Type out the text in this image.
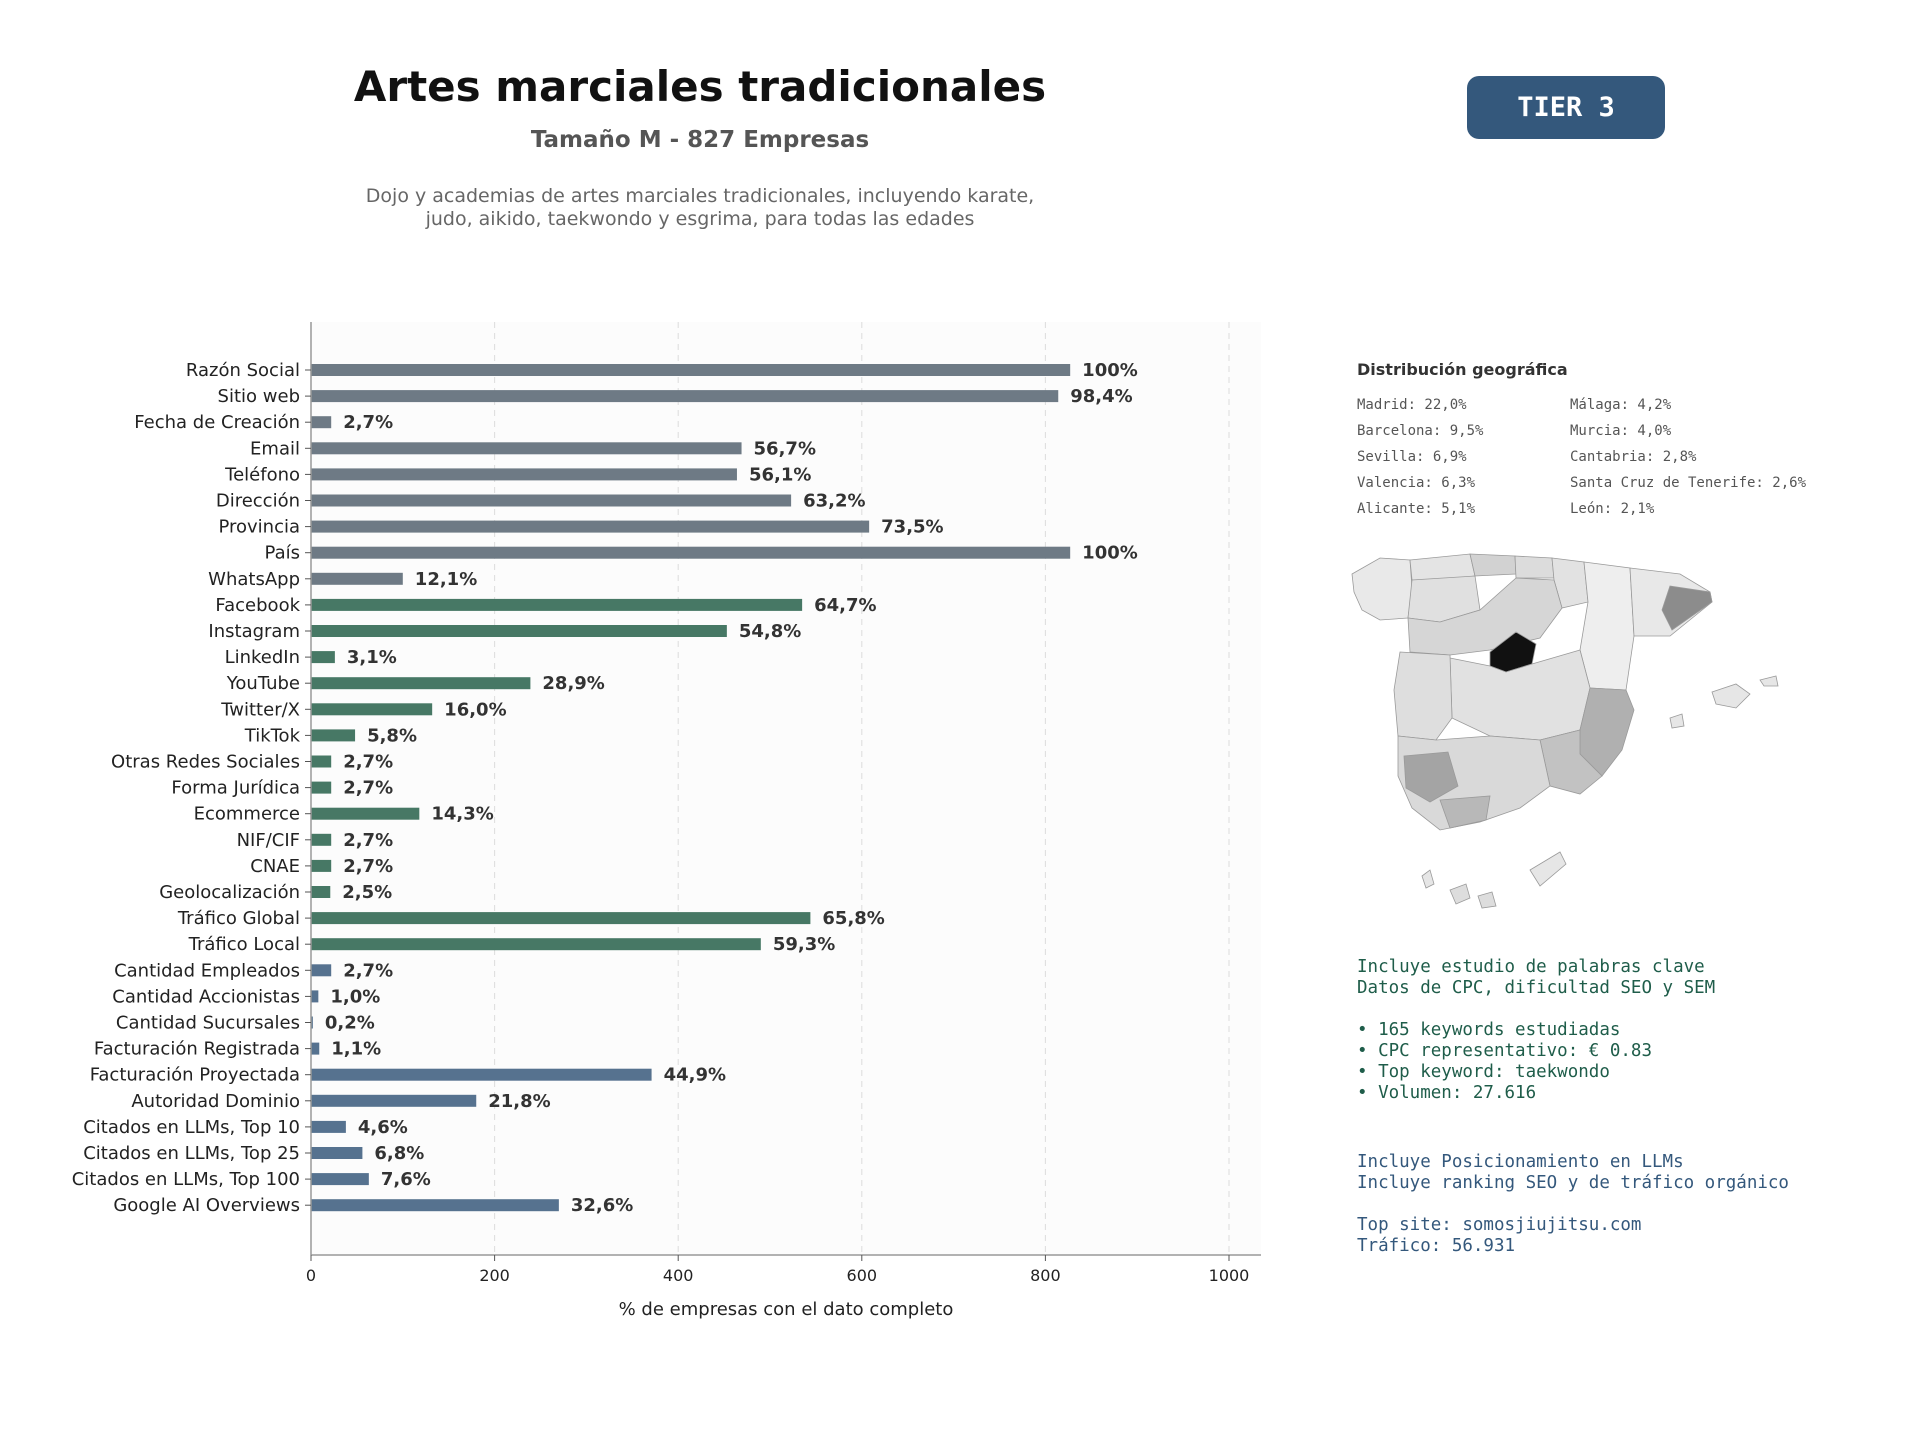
Artes marciales tradicionales
Tamaño M - 827 Empresas
Dojo y academias de artes marciales tradicionales, incluyendo karate,
judo, aikido, taekwondo y esgrima, para todas las edades
TIER 3
Razón Social	100%
Sitio web	98,4%
Fecha de Creación 2,7%
Email	56,7%
Teléfono	56,1%
Dirección	63,2%
Provincia	73,5%
País	100%
WhatsApp	12,1%
Facebook	64,7%
Instagram	54,8%
LinkedIn	3,1%
YouTube	28,9%
Twitter/X	16,0%
TikTok	5,8%
Otras Redes Sociales 2,7%
Forma Jurídica 2,7%
Ecommerce	14,3%
NIF/CIF 2,7%
CNAE 2,7%
Geolocalización 2,5%
Tráfico Global	65,8%
Tráfico Local	59,3%
Cantidad Empleados 2,7%
Cantidad Accionistas 1,0%
Cantidad Sucursales 0,2%
Facturación Registrada 1,1%
Facturación Proyectada	44,9%
Autoridad Dominio	21,8%
Citados en LLMs, Top 10	4,6%
Citados en LLMs, Top 25	6,8%
Citados en LLMs, Top 100	7,6%
Google AI Overviews	32,6%
0	200	400	600	800	1000
% de empresas con el dato completo
Distribución geográfica
Madrid: 22,0%	Málaga: 4,2%
Barcelona: 9,5%	Murcia: 4,0%
Sevilla: 6,9%	Cantabria: 2,8%
Valencia: 6,3%	Santa Cruz de Tenerife: 2,6%
Alicante: 5,1%	León: 2,1%
Incluye estudio de palabras clave
Datos de CPC, dificultad SEO y SEM
• 165 keywords estudiadas
• CPC representativo: € 0.83
• Top keyword: taekwondo
• Volumen: 27.616
Incluye Posicionamiento en LLMs
Incluye ranking SEO y de tráfico orgánico
Top site: somosjiujitsu.com
Tráfico: 56.931
